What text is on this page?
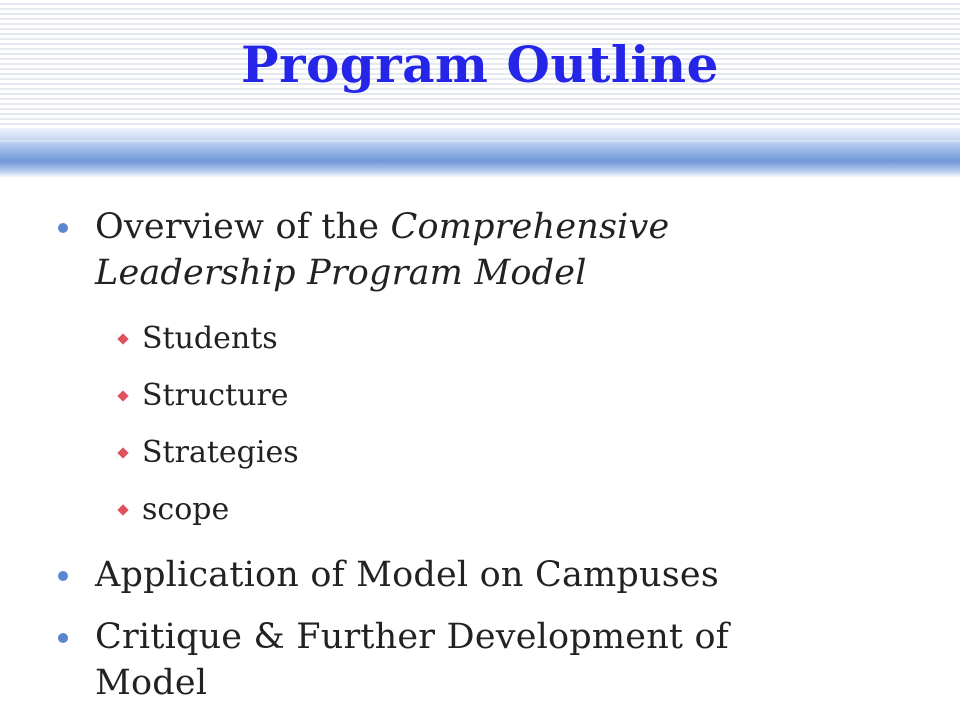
Program Outline
Overview of the Comprehensive
Leadership Program Model
Students
Structure
Strategies
scope
Application of Model on Campuses
Critique & Further Development of
Model
